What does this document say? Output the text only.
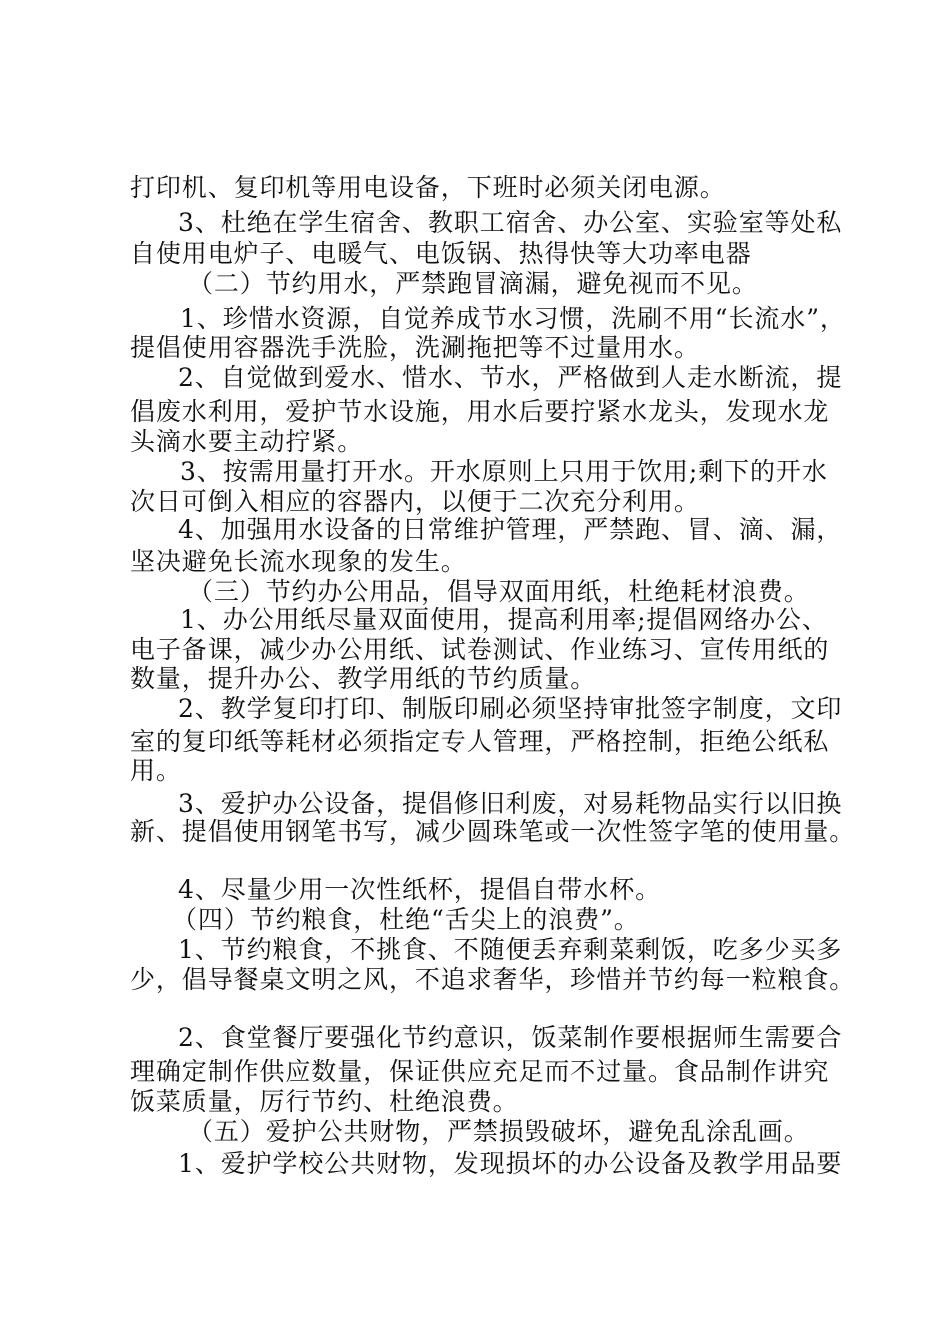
打印机、复印机等用电设备，下班时必须关闭电源。
3、杜绝在学生宿舍、教职工宿舍、办公室、实验室等处私
自使用电炉子、电暖气、电饭锅、热得快等大功率电器
（二）节约用水，严禁跑冒滴漏，避免视而不见。
1、珍惜水资源，自觉养成节水习惯，洗刷不用“长流水”，
提倡使用容器洗手洗脸，洗涮拖把等不过量用水。
2、自觉做到爱水、惜水、节水，严格做到人走水断流，提
倡废水利用，爱护节水设施，用水后要拧紧水龙头，发现水龙
头滴水要主动拧紧。
3、按需用量打开水。开水原则上只用于饮用;剩下的开水
次日可倒入相应的容器内，以便于二次充分利用。
4、加强用水设备的日常维护管理，严禁跑、冒、滴、漏，
坚决避免长流水现象的发生。
（三）节约办公用品，倡导双面用纸，杜绝耗材浪费。
1、办公用纸尽量双面使用，提高利用率;提倡网络办公、
电子备课，减少办公用纸、试卷测试、作业练习、宣传用纸的
数量，提升办公、教学用纸的节约质量。
2、教学复印打印、制版印刷必须坚持审批签字制度，文印
室的复印纸等耗材必须指定专人管理，严格控制，拒绝公纸私
用。
3、爱护办公设备，提倡修旧利废，对易耗物品实行以旧换
新、提倡使用钢笔书写，减少圆珠笔或一次性签字笔的使用量。
4、尽量少用一次性纸杯，提倡自带水杯。
（四）节约粮食，杜绝“舌尖上的浪费”。
1、节约粮食，不挑食、不随便丢弃剩菜剩饭，吃多少买多
少，倡导餐桌文明之风，不追求奢华，珍惜并节约每一粒粮食。
2、食堂餐厅要强化节约意识，饭菜制作要根据师生需要合
理确定制作供应数量，保证供应充足而不过量。食品制作讲究
饭菜质量，厉行节约、杜绝浪费。
（五）爱护公共财物，严禁损毁破坏，避免乱涂乱画。
1、爱护学校公共财物，发现损坏的办公设备及教学用品要
